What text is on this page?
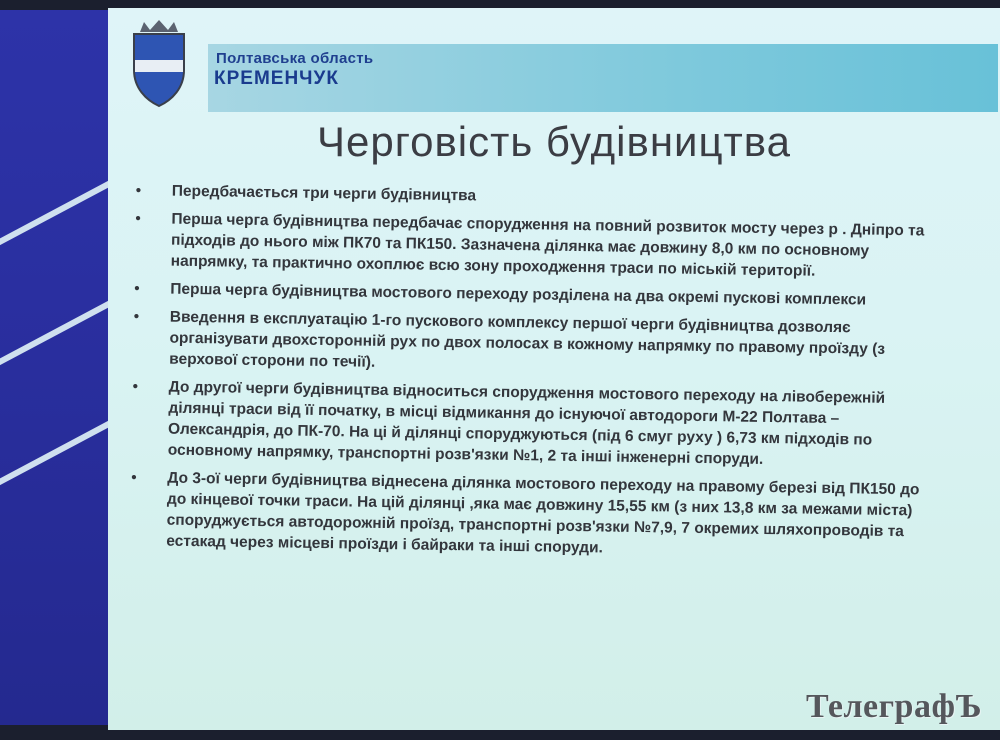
Полтавська область
КРЕМЕНЧУК
Черговість будівництва
• Передбачається три черги будівництва
• Перша черга будівництва передбачає спорудження на повний розвиток мосту через р . Дніпро та підходів до нього між ПК70 та ПК150. Зазначена ділянка має довжину 8,0 км по основному напрямку, та практично охоплює всю зону проходження траси по міській території.
• Перша черга будівництва мостового переходу розділена на два окремі пускові комплекси
• Введення в експлуатацію 1-го пускового комплексу першої черги будівництва дозволяє організувати двохсторонній рух по двох полосах в кожному напрямку по правому проїзду (з верхової сторони по течії).
• До другої черги будівництва відноситься спорудження мостового переходу на лівобережній ділянці траси від її початку, в місці відмикання до існуючої автодороги М-22 Полтава – Олександрія, до ПК-70. На ці й ділянці споруджуються (під 6 смуг руху ) 6,73 км підходів по основному напрямку, транспортні розв'язки №1, 2 та інші інженерні споруди.
• До 3-ої черги будівництва віднесена ділянка мостового переходу на правому березі від ПК150 до до кінцевої точки траси. На цій ділянці ,яка має довжину 15,55 км (з них 13,8 км за межами міста) споруджується автодорожній проїзд, транспортні розв'язки №7,9, 7 окремих шляхопроводів та естакад через місцеві проїзди і байраки та інші споруди.
ТелеграфЪ
